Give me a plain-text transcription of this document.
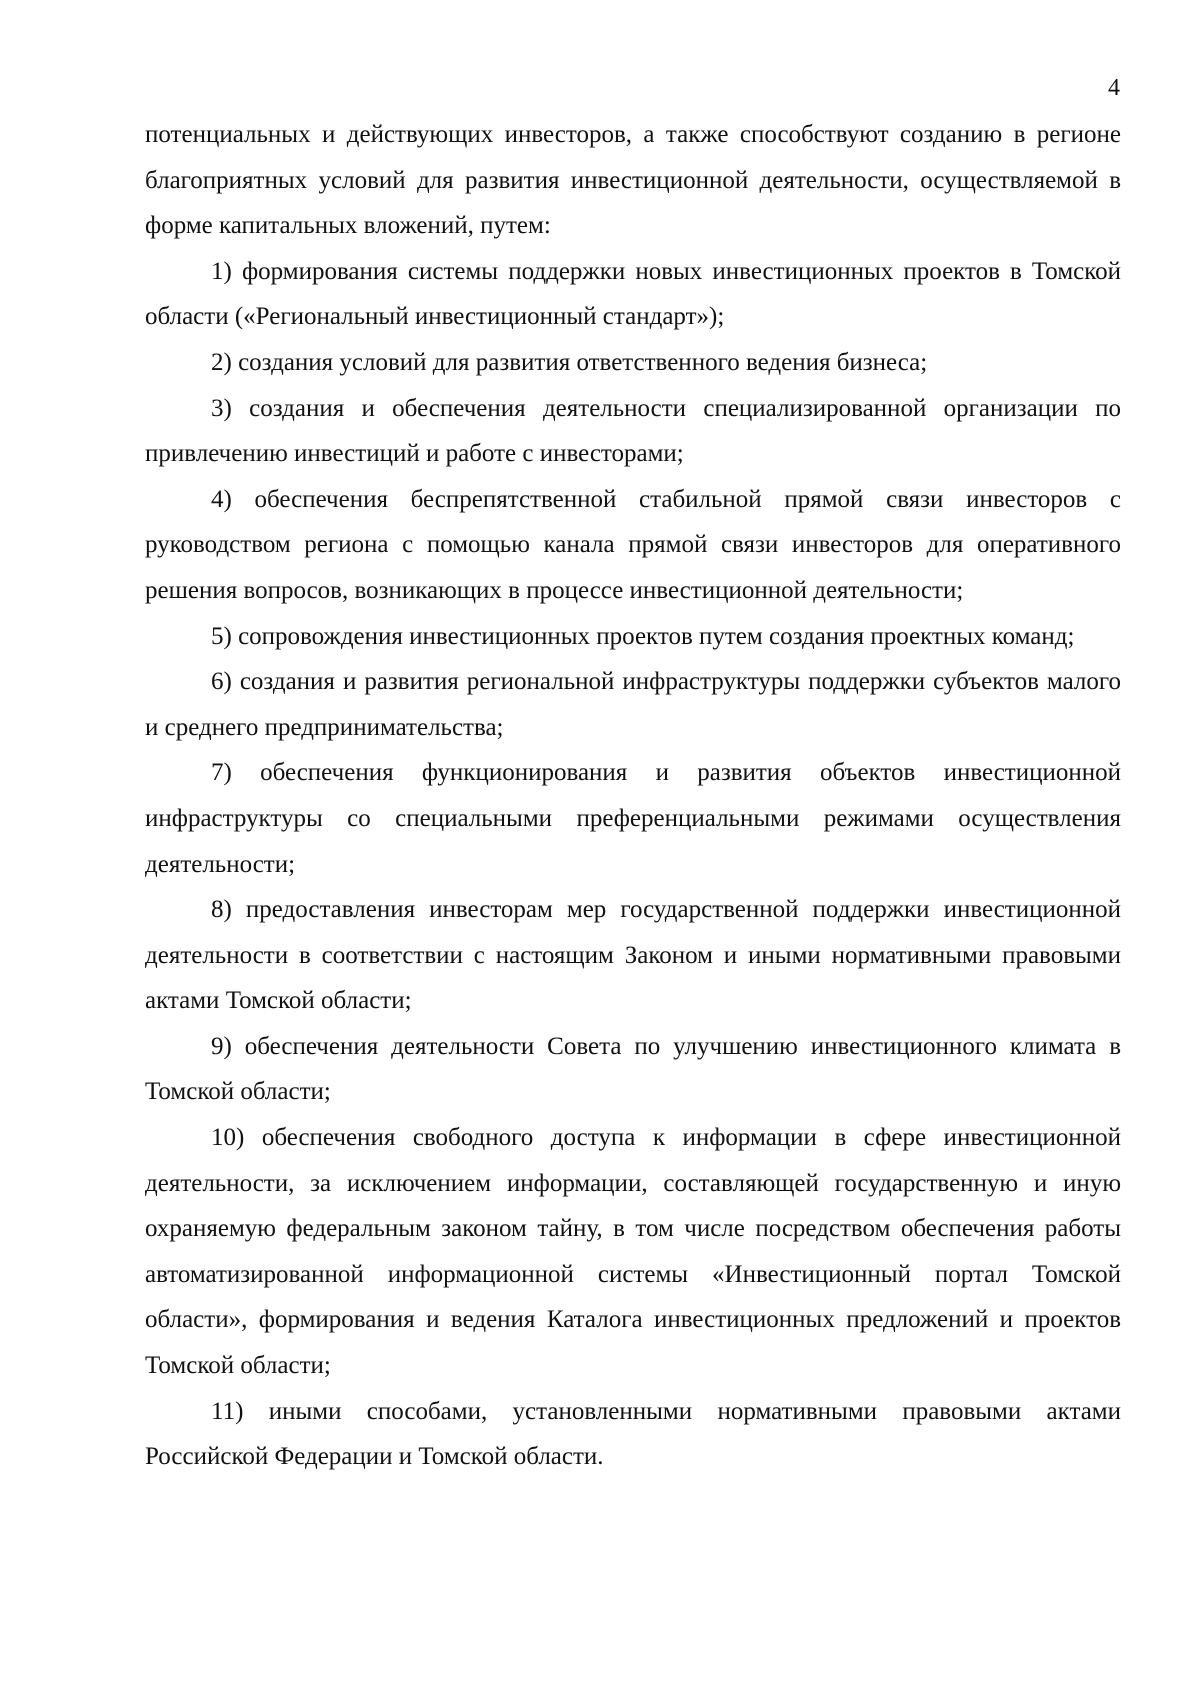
4

потенциальных и действующих инвесторов, а также способствуют созданию в регионе благоприятных условий для развития инвестиционной деятельности, осуществляемой в форме капитальных вложений, путем:

1) формирования системы поддержки новых инвестиционных проектов в Томской области («Региональный инвестиционный стандарт»);

2) создания условий для развития ответственного ведения бизнеса;

3) создания и обеспечения деятельности специализированной организации по привлечению инвестиций и работе с инвесторами;

4) обеспечения беспрепятственной стабильной прямой связи инвесторов с руководством региона с помощью канала прямой связи инвесторов для оперативного решения вопросов, возникающих в процессе инвестиционной деятельности;

5) сопровождения инвестиционных проектов путем создания проектных команд;

6) создания и развития региональной инфраструктуры поддержки субъектов малого и среднего предпринимательства;

7) обеспечения функционирования и развития объектов инвестиционной инфраструктуры со специальными преференциальными режимами осуществления деятельности;

8) предоставления инвесторам мер государственной поддержки инвестиционной деятельности в соответствии с настоящим Законом и иными нормативными правовыми актами Томской области;

9) обеспечения деятельности Совета по улучшению инвестиционного климата в Томской области;

10) обеспечения свободного доступа к информации в сфере инвестиционной деятельности, за исключением информации, составляющей государственную и иную охраняемую федеральным законом тайну, в том числе посредством обеспечения работы автоматизированной информационной системы «Инвестиционный портал Томской области», формирования и ведения Каталога инвестиционных предложений и проектов Томской области;

11) иными способами, установленными нормативными правовыми актами Российской Федерации и Томской области.
